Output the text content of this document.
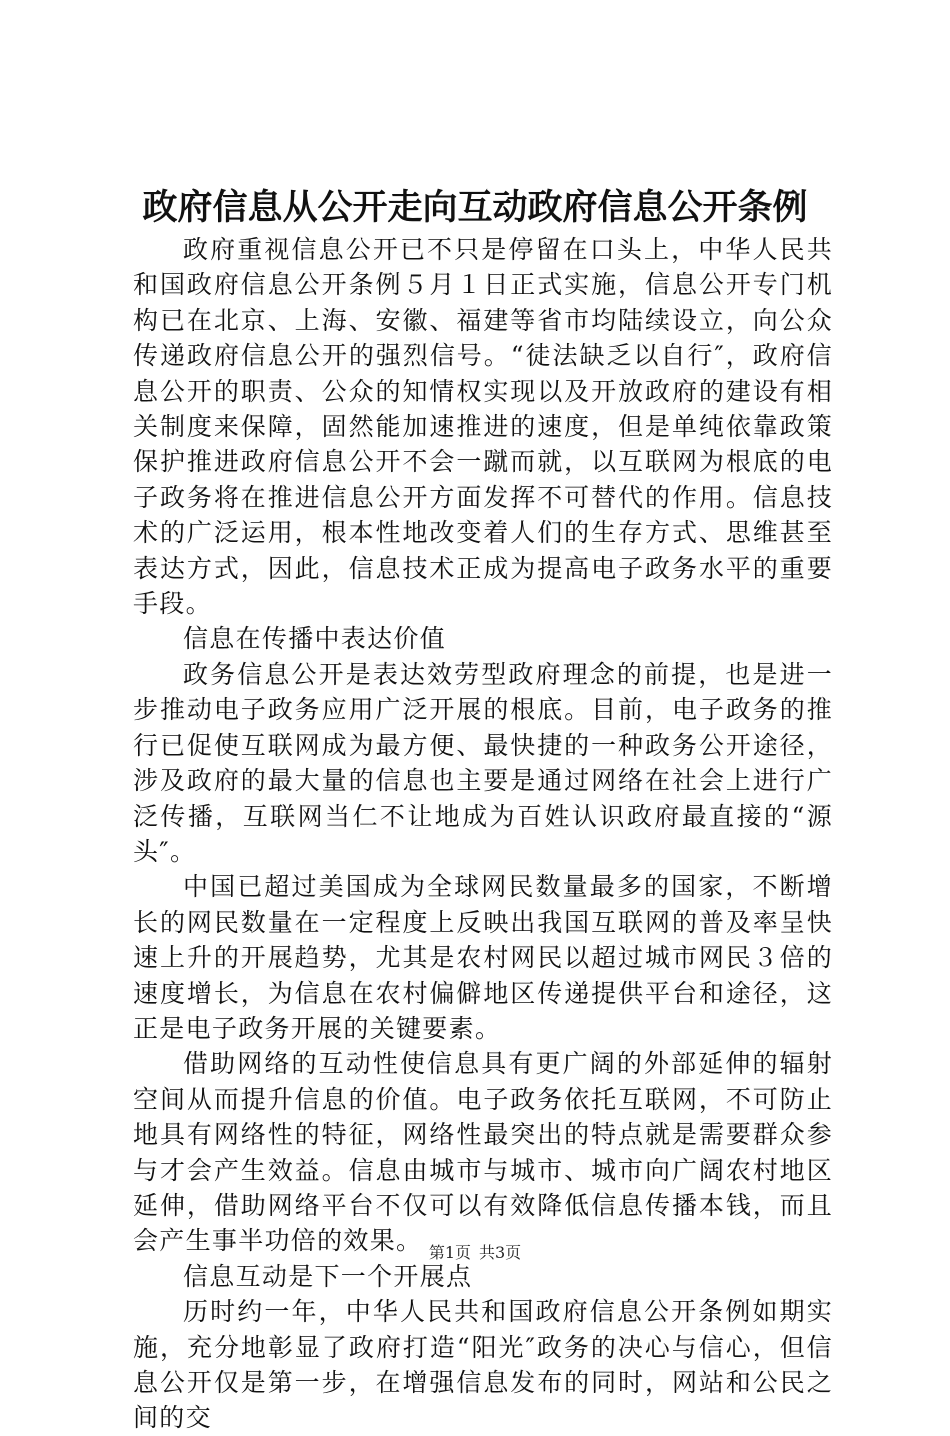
政府信息从公开走向互动政府信息公开条例

政府重视信息公开已不只是停留在口头上，中华人民共和国政府信息公开条例５月１日正式实施，信息公开专门机构已在北京、上海、安徽、福建等省市均陆续设立，向公众传递政府信息公开的强烈信号。“徒法缺乏以自行″，政府信息公开的职责、公众的知情权实现以及开放政府的建设有相关制度来保障，固然能加速推进的速度，但是单纯依靠政策保护推进政府信息公开不会一蹴而就，以互联网为根底的电子政务将在推进信息公开方面发挥不可替代的作用。信息技术的广泛运用，根本性地改变着人们的生存方式、思维甚至表达方式，因此，信息技术正成为提高电子政务水平的重要手段。

信息在传播中表达价值

政务信息公开是表达效劳型政府理念的前提，也是进一步推动电子政务应用广泛开展的根底。目前，电子政务的推行已促使互联网成为最方便、最快捷的一种政务公开途径，涉及政府的最大量的信息也主要是通过网络在社会上进行广泛传播，互联网当仁不让地成为百姓认识政府最直接的“源头″。

中国已超过美国成为全球网民数量最多的国家，不断增长的网民数量在一定程度上反映出我国互联网的普及率呈快速上升的开展趋势，尤其是农村网民以超过城市网民３倍的速度增长，为信息在农村偏僻地区传递提供平台和途径，这正是电子政务开展的关键要素。

借助网络的互动性使信息具有更广阔的外部延伸的辐射空间从而提升信息的价值。电子政务依托互联网，不可防止地具有网络性的特征，网络性最突出的特点就是需要群众参与才会产生效益。信息由城市与城市、城市向广阔农村地区延伸，借助网络平台不仅可以有效降低信息传播本钱，而且会产生事半功倍的效果。

信息互动是下一个开展点

历时约一年，中华人民共和国政府信息公开条例如期实施，充分地彰显了政府打造“阳光″政务的决心与信心，但信息公开仅是第一步，在增强信息发布的同时，网站和公民之间的交

第1页 共3页
